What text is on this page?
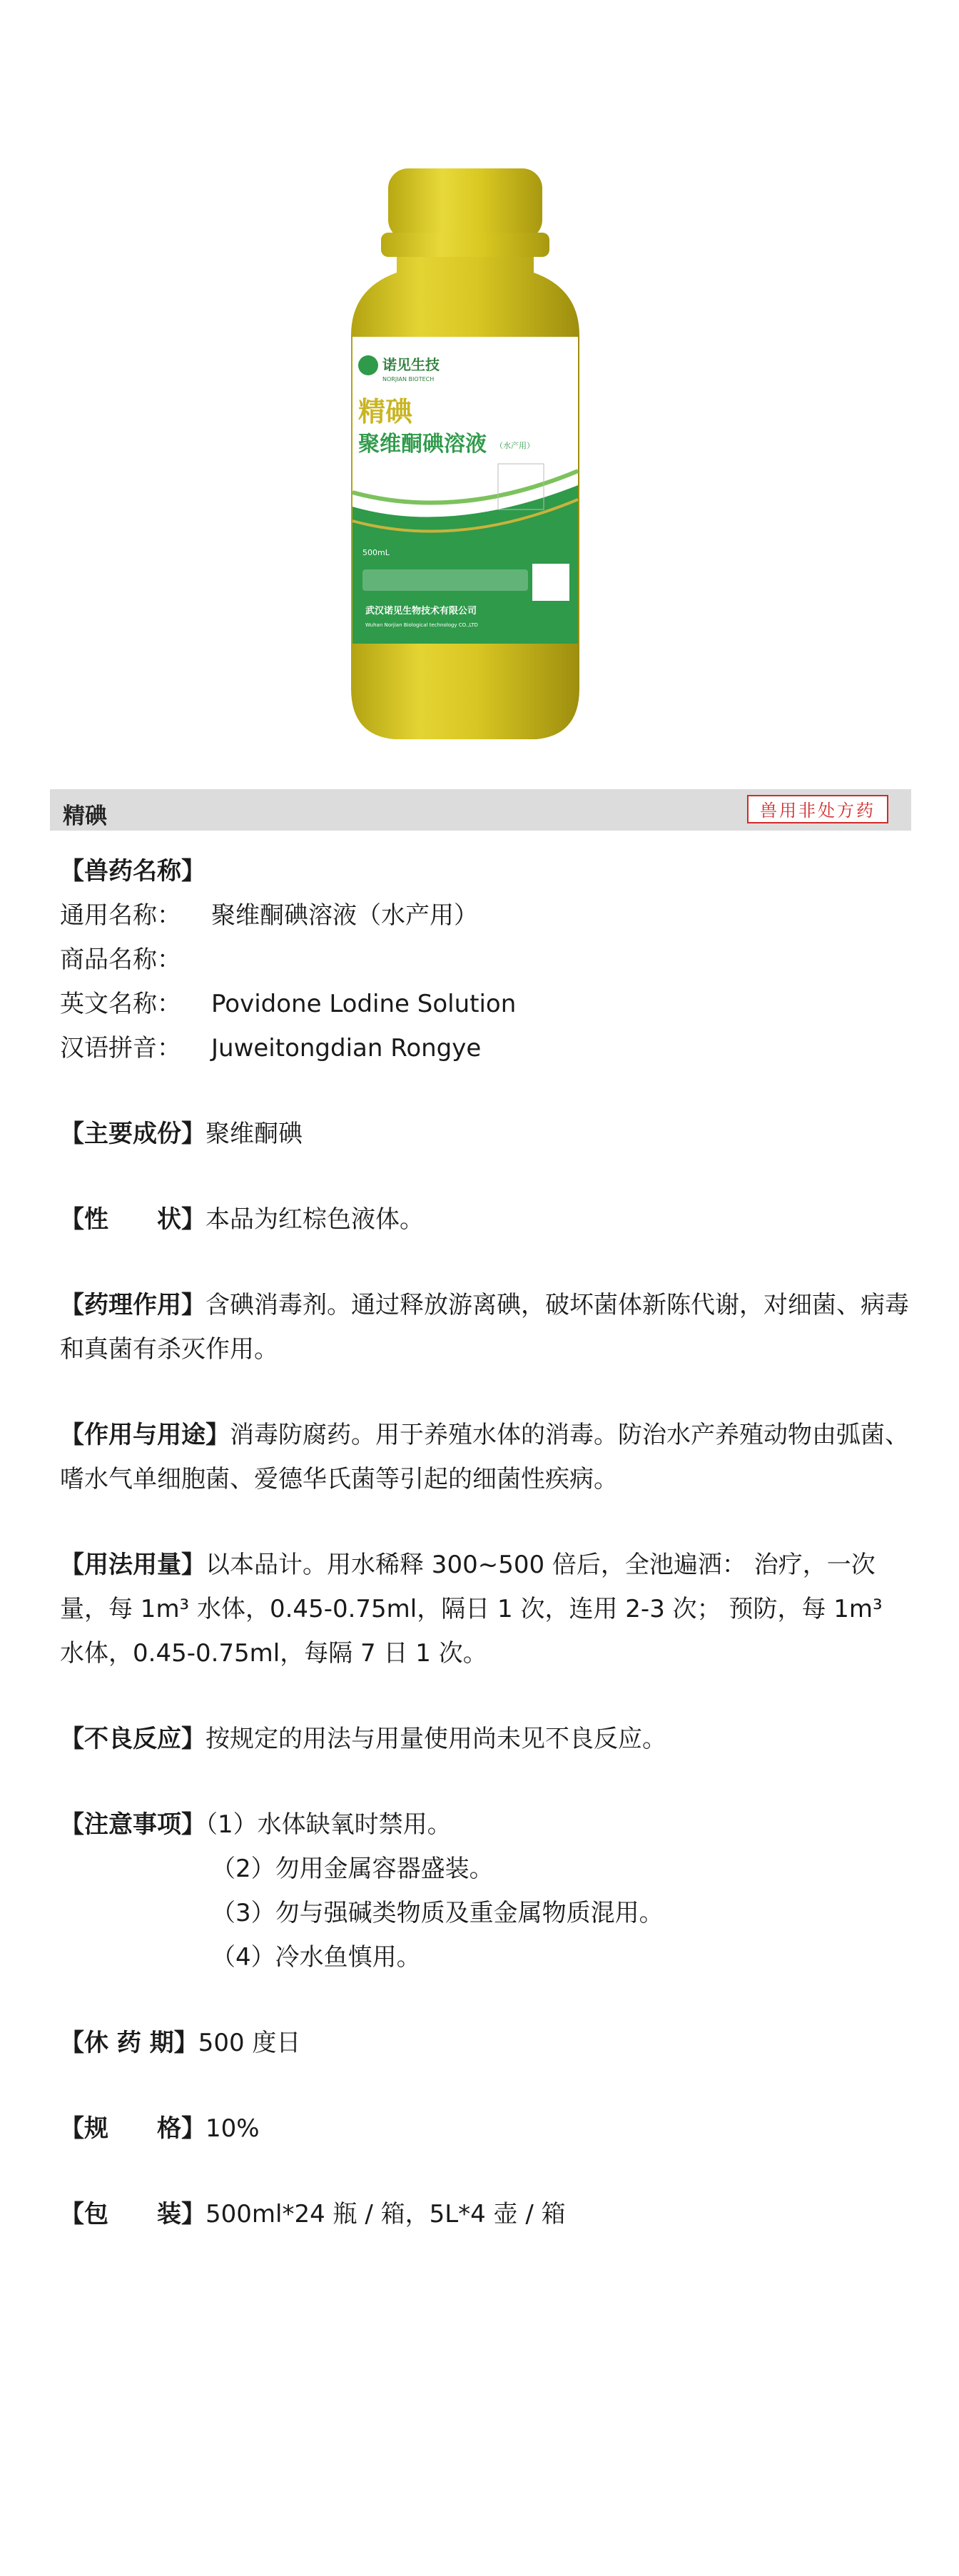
诺见生技
NORJIAN BIOTECH
精碘
聚维酮碘溶液 （水产用）
500mL
武汉诺见生物技术有限公司
Wuhan Norjian Biological technology CO.,LTD
精碘	兽用非处方药
【兽药名称】
通用名称： 聚维酮碘溶液（水产用）
商品名称：
英文名称： Povidone Lodine Solution
汉语拼音： Juweitongdian Rongye
【主要成份】聚维酮碘
【性　　状】本品为红棕色液体。
【药理作用】含碘消毒剂。通过释放游离碘，破坏菌体新陈代谢，对细菌、病毒和真菌有杀灭作用。
【作用与用途】消毒防腐药。用于养殖水体的消毒。防治水产养殖动物由弧菌、嗜水气单细胞菌、爱德华氏菌等引起的细菌性疾病。
【用法用量】以本品计。用水稀释 300~500 倍后，全池遍洒： 治疗，一次量，每 1m³ 水体，0.45-0.75ml，隔日 1 次，连用 2-3 次； 预防，每 1m³ 水体，0.45-0.75ml，每隔 7 日 1 次。
【不良反应】按规定的用法与用量使用尚未见不良反应。
【注意事项】（1）水体缺氧时禁用。
（2）勿用金属容器盛装。
（3）勿与强碱类物质及重金属物质混用。
（4）冷水鱼慎用。
【休 药 期】500 度日
【规　　格】10%
【包　　装】500ml*24 瓶 / 箱，5L*4 壶 / 箱
